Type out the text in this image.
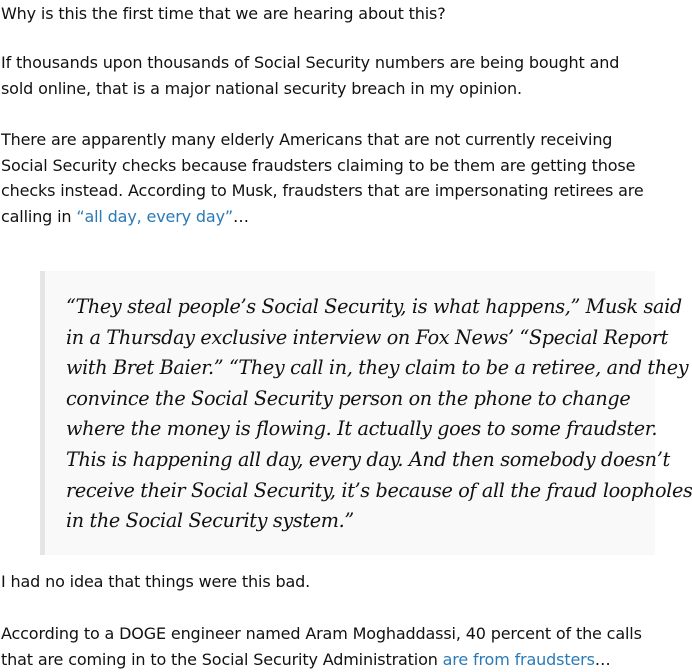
Why is this the first time that we are hearing about this?

If thousands upon thousands of Social Security numbers are being bought and
sold online, that is a major national security breach in my opinion.

There are apparently many elderly Americans that are not currently receiving
Social Security checks because fraudsters claiming to be them are getting those
checks instead. According to Musk, fraudsters that are impersonating retirees are
calling in “all day, every day”…

“They steal people’s Social Security, is what happens,” Musk said
in a Thursday exclusive interview on Fox News’ “Special Report
with Bret Baier.” “They call in, they claim to be a retiree, and they
convince the Social Security person on the phone to change
where the money is flowing. It actually goes to some fraudster.
This is happening all day, every day. And then somebody doesn’t
receive their Social Security, it’s because of all the fraud loopholes
in the Social Security system.”

I had no idea that things were this bad.

According to a DOGE engineer named Aram Moghaddassi, 40 percent of the calls
that are coming in to the Social Security Administration are from fraudsters…
